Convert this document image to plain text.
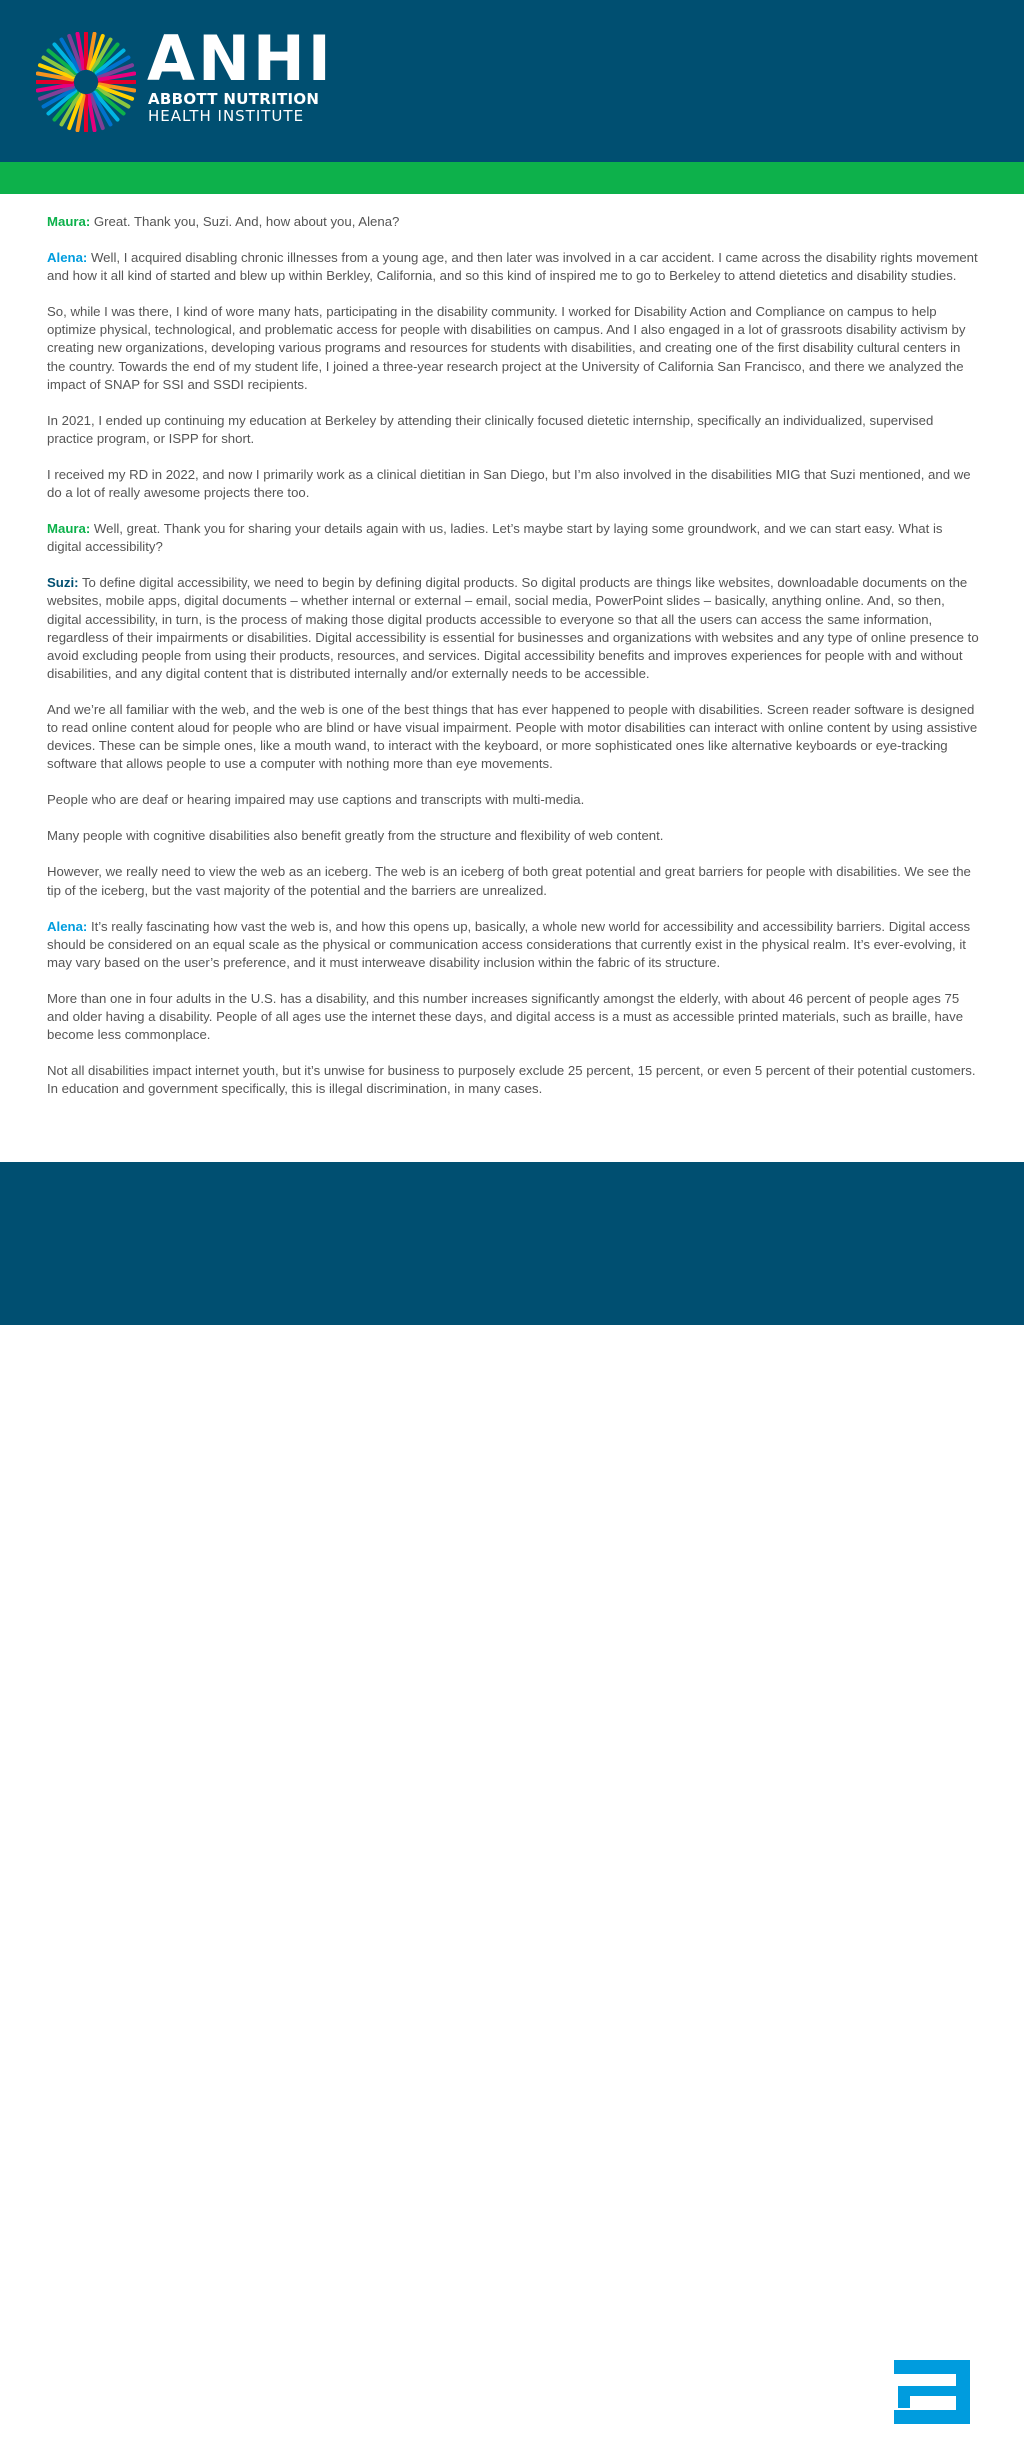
ANHI
ABBOTT NUTRITION
HEALTH INSTITUTE

Maura: Great. Thank you, Suzi. And, how about you, Alena?

Alena: Well, I acquired disabling chronic illnesses from a young age, and then later was involved in a car accident. I came across the disability rights movement and how it all kind of started and blew up within Berkley, California, and so this kind of inspired me to go to Berkeley to attend dietetics and disability studies.

So, while I was there, I kind of wore many hats, participating in the disability community. I worked for Disability Action and Compliance on campus to help optimize physical, technological, and problematic access for people with disabilities on campus. And I also engaged in a lot of grassroots disability activism by creating new organizations, developing various programs and resources for students with disabilities, and creating one of the first disability cultural centers in the country. Towards the end of my student life, I joined a three-year research project at the University of California San Francisco, and there we analyzed the impact of SNAP for SSI and SSDI recipients.

In 2021, I ended up continuing my education at Berkeley by attending their clinically focused dietetic internship, specifically an individualized, supervised practice program, or ISPP for short.

I received my RD in 2022, and now I primarily work as a clinical dietitian in San Diego, but I’m also involved in the disabilities MIG that Suzi mentioned, and we do a lot of really awesome projects there too.

Maura: Well, great. Thank you for sharing your details again with us, ladies. Let’s maybe start by laying some groundwork, and we can start easy. What is digital accessibility?

Suzi: To define digital accessibility, we need to begin by defining digital products. So digital products are things like websites, downloadable documents on the websites, mobile apps, digital documents – whether internal or external – email, social media, PowerPoint slides – basically, anything online. And, so then, digital accessibility, in turn, is the process of making those digital products accessible to everyone so that all the users can access the same information, regardless of their impairments or disabilities. Digital accessibility is essential for businesses and organizations with websites and any type of online presence to avoid excluding people from using their products, resources, and services. Digital accessibility benefits and improves experiences for people with and without disabilities, and any digital content that is distributed internally and/or externally needs to be accessible.

And we’re all familiar with the web, and the web is one of the best things that has ever happened to people with disabilities. Screen reader software is designed to read online content aloud for people who are blind or have visual impairment. People with motor disabilities can interact with online content by using assistive devices. These can be simple ones, like a mouth wand, to interact with the keyboard, or more sophisticated ones like alternative keyboards or eye-tracking software that allows people to use a computer with nothing more than eye movements.

People who are deaf or hearing impaired may use captions and transcripts with multi-media.

Many people with cognitive disabilities also benefit greatly from the structure and flexibility of web content.

However, we really need to view the web as an iceberg. The web is an iceberg of both great potential and great barriers for people with disabilities. We see the tip of the iceberg, but the vast majority of the potential and the barriers are unrealized.

Alena: It’s really fascinating how vast the web is, and how this opens up, basically, a whole new world for accessibility and accessibility barriers. Digital access should be considered on an equal scale as the physical or communication access considerations that currently exist in the physical realm. It’s ever-evolving, it may vary based on the user’s preference, and it must interweave disability inclusion within the fabric of its structure.

More than one in four adults in the U.S. has a disability, and this number increases significantly amongst the elderly, with about 46 percent of people ages 75 and older having a disability. People of all ages use the internet these days, and digital access is a must as accessible printed materials, such as braille, have become less commonplace.

Not all disabilities impact internet youth, but it’s unwise for business to purposely exclude 25 percent, 15 percent, or even 5 percent of their potential customers. In education and government specifically, this is illegal discrimination, in many cases.

Abbott
